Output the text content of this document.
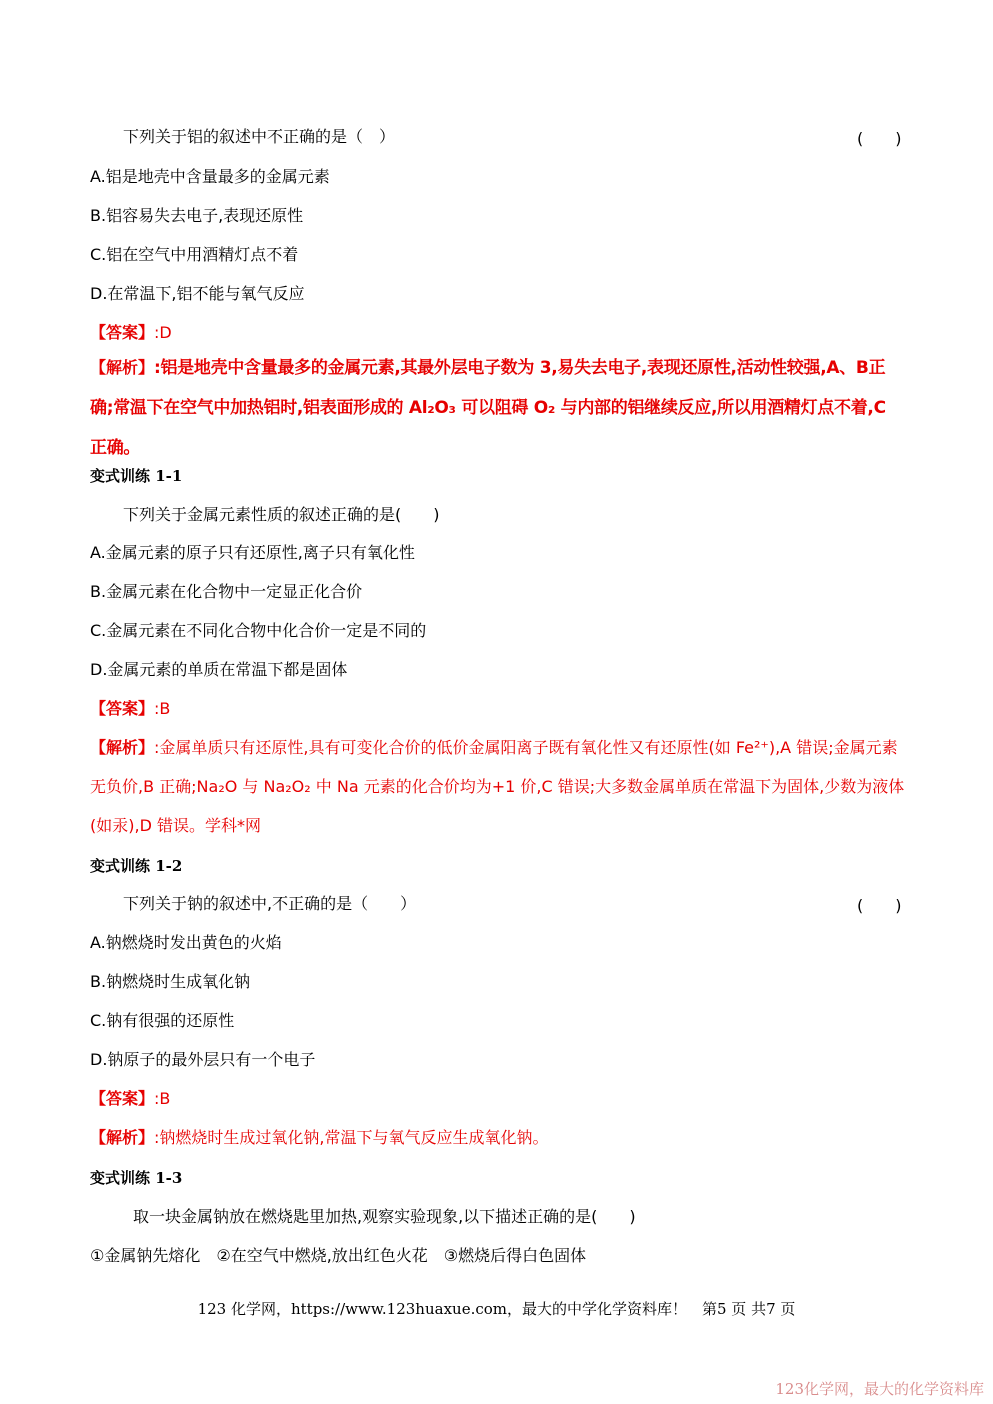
下列关于铝的叙述中不正确的是（　）	(　　)
A.铝是地壳中含量最多的金属元素
B.铝容易失去电子,表现还原性
C.铝在空气中用酒精灯点不着
D.在常温下,铝不能与氧气反应
【答案】:D
【解析】:铝是地壳中含量最多的金属元素,其最外层电子数为 3,易失去电子,表现还原性,活动性较强,A、B正确;常温下在空气中加热铝时,铝表面形成的 Al₂O₃ 可以阻碍 O₂ 与内部的铝继续反应,所以用酒精灯点不着,C 正确。
变式训练 1-1
下列关于金属元素性质的叙述正确的是(　　)
A.金属元素的原子只有还原性,离子只有氧化性
B.金属元素在化合物中一定显正化合价
C.金属元素在不同化合物中化合价一定是不同的
D.金属元素的单质在常温下都是固体
【答案】:B
【解析】:金属单质只有还原性,具有可变化合价的低价金属阳离子既有氧化性又有还原性(如 Fe²⁺),A 错误;金属元素无负价,B 正确;Na₂O 与 Na₂O₂ 中 Na 元素的化合价均为+1 价,C 错误;大多数金属单质在常温下为固体,少数为液体(如汞),D 错误。学科*网
变式训练 1-2
下列关于钠的叙述中,不正确的是（　　）	(　　)
A.钠燃烧时发出黄色的火焰
B.钠燃烧时生成氧化钠
C.钠有很强的还原性
D.钠原子的最外层只有一个电子
【答案】:B
【解析】:钠燃烧时生成过氧化钠,常温下与氧气反应生成氧化钠。
变式训练 1-3
取一块金属钠放在燃烧匙里加热,观察实验现象,以下描述正确的是(　　)
①金属钠先熔化　②在空气中燃烧,放出红色火花　③燃烧后得白色固体
123 化学网，https://www.123huaxue.com，最大的中学化学资料库！　第5 页 共7 页
123化学网，最大的化学资料库
